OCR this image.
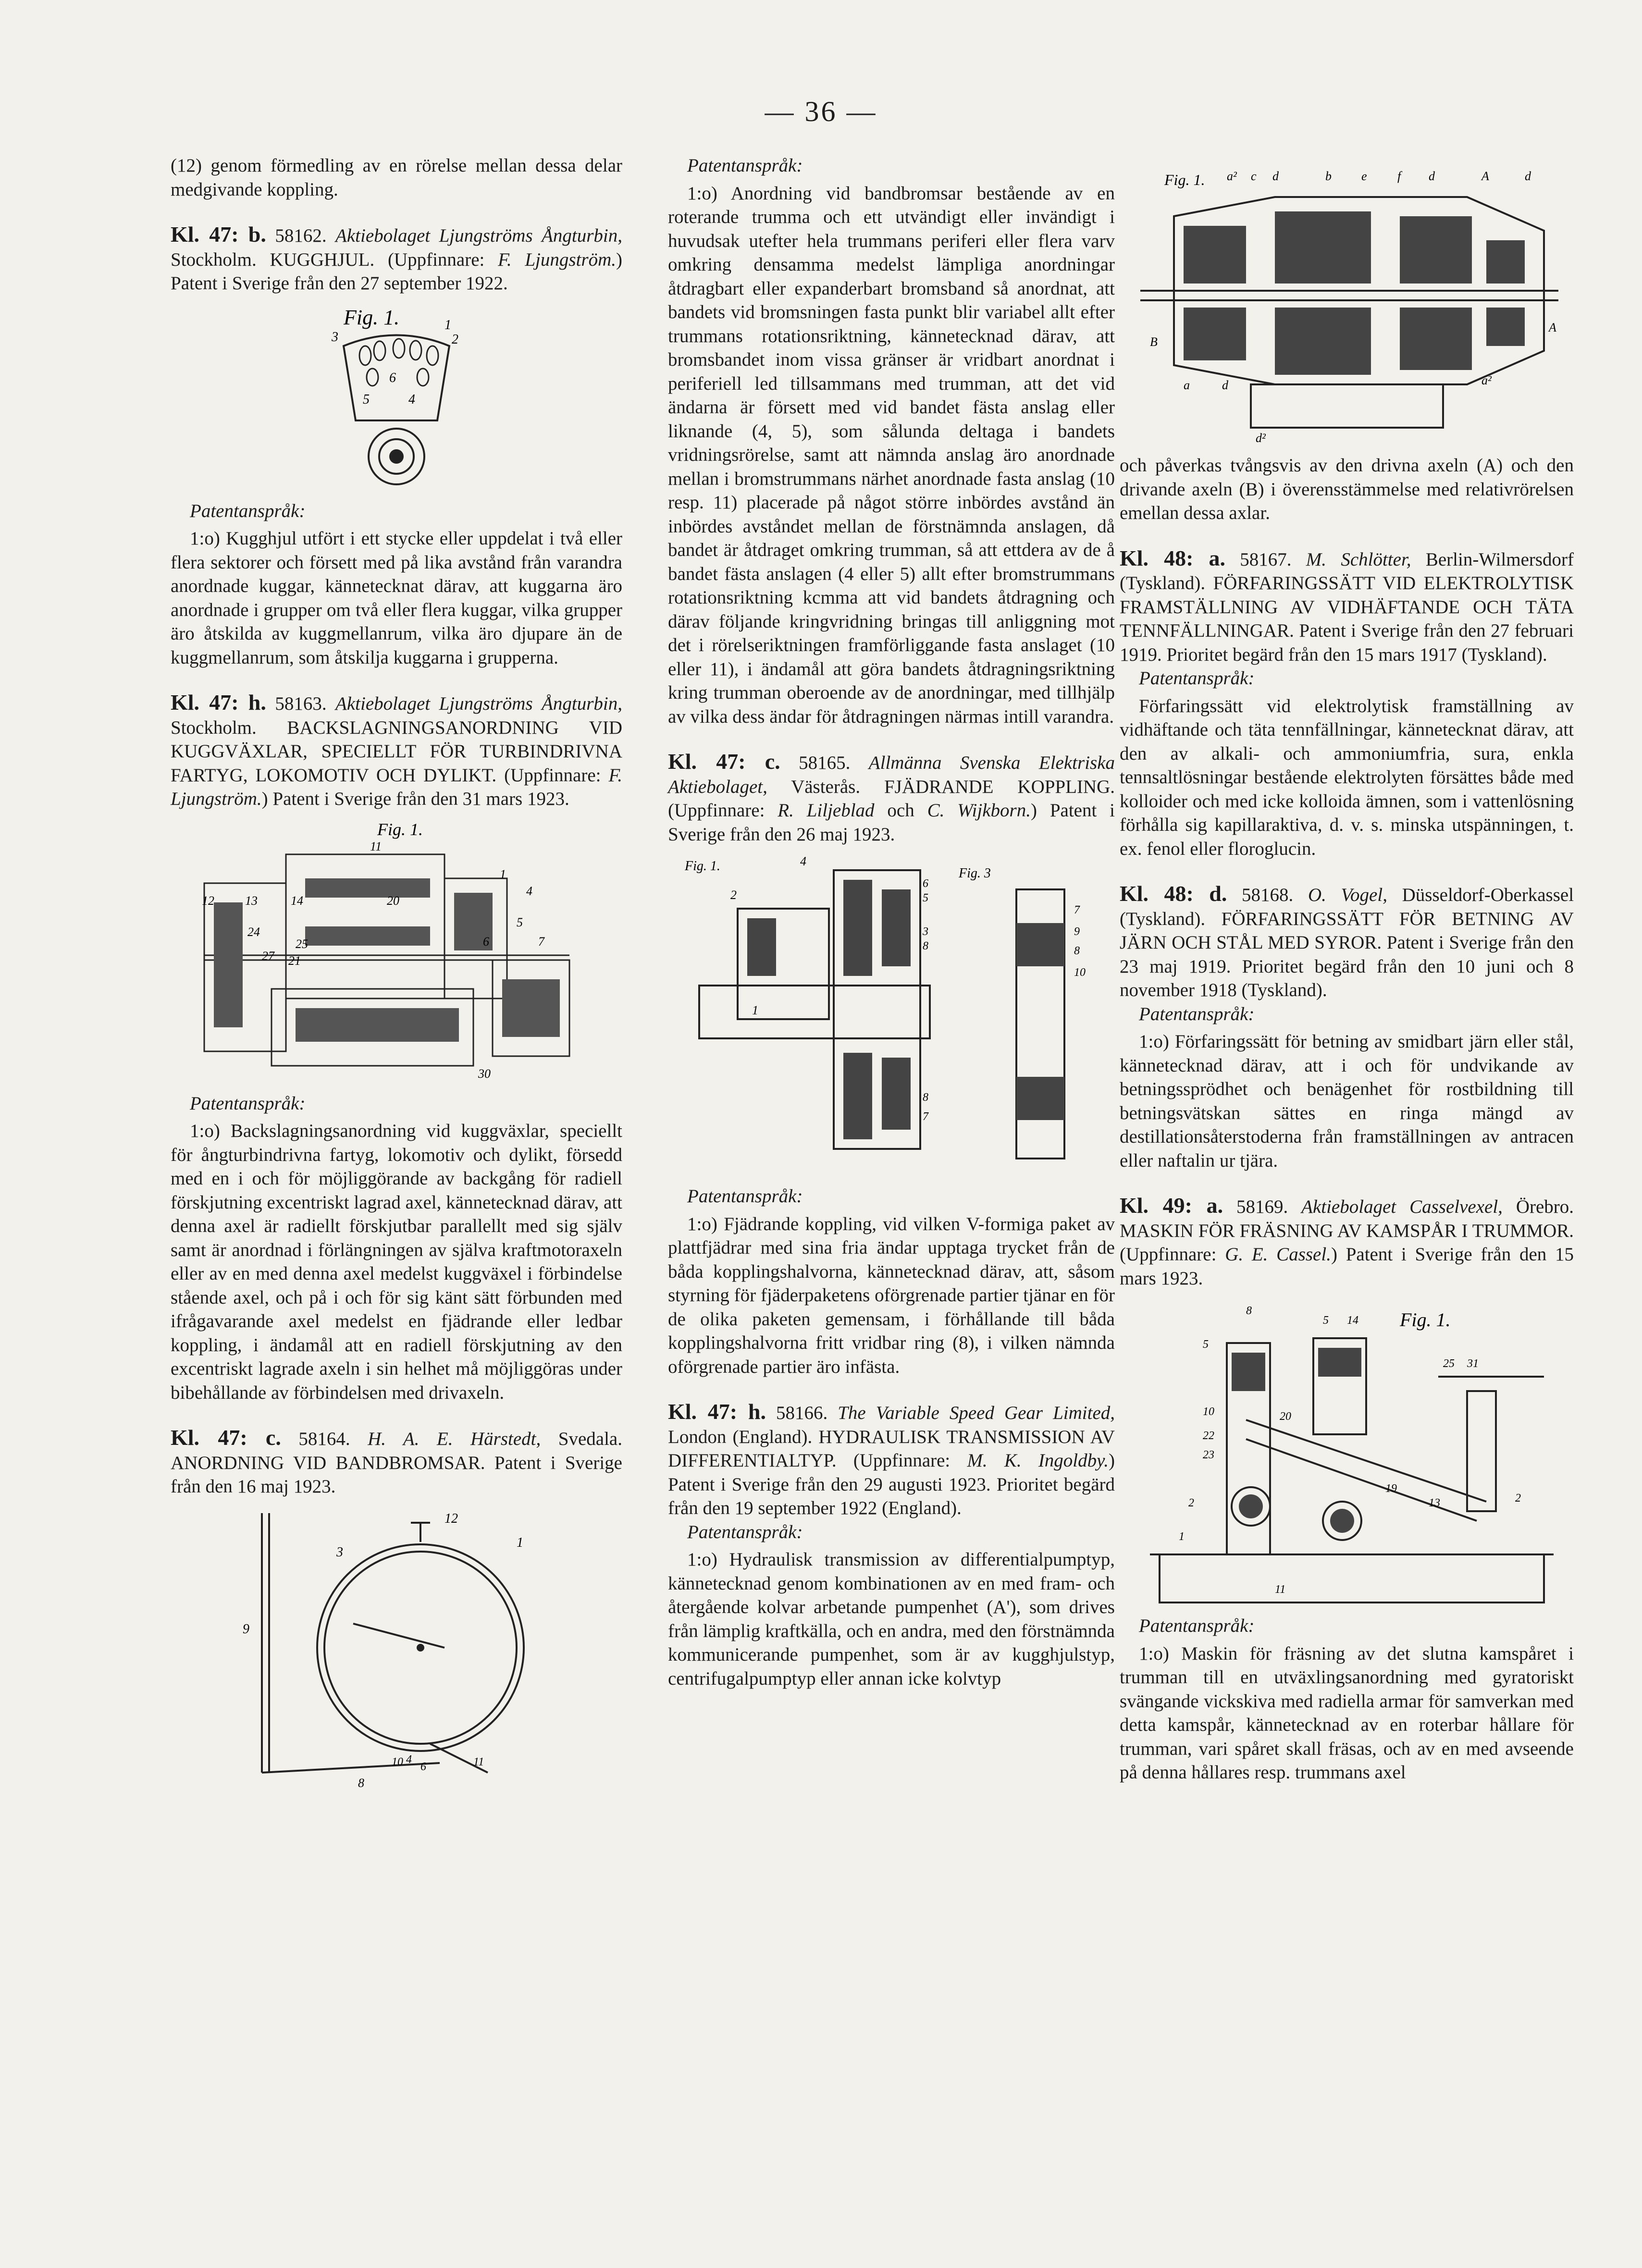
— 36 —

(12) genom förmedling av en rörelse mellan dessa delar medgivande koppling.

Kl. 47: b. 58162. Aktiebolaget Ljungströms Ångturbin, Stockholm. KUGGHJUL. (Uppfinnare: F. Ljungström.) Patent i Sverige från den 27 september 1922.

Fig. 1.	1
2
3
4
5
6

Patentanspråk:

1:o) Kugghjul utfört i ett stycke eller uppdelat i två eller flera sektorer och försett med på lika avstånd från varandra anordnade kuggar, kännetecknat därav, att kuggarna äro anordnade i grupper om två eller flera kuggar, vilka grupper äro åtskilda av kuggmellanrum, vilka äro djupare än de kuggmellanrum, som åtskilja kuggarna i grupperna.

Kl. 47: h. 58163. Aktiebolaget Ljungströms Ångturbin, Stockholm. BACKSLAGNINGSANORDNING VID KUGGVÄXLAR, SPECIELLT FÖR TURBINDRIVNA FARTYG, LOKOMOTIV OCH DYLIKT. (Uppfinnare: F. Ljungström.) Patent i Sverige från den 31 mars 1923.

Fig. 1.
11
12 13	14	20
1
4
5
6	7
24
25
27 21
30

Patentanspråk:

1:o) Backslagningsanordning vid kuggväxlar, speciellt för ångturbindrivna fartyg, lokomotiv och dylikt, försedd med en i och för möjliggörande av backgång för radiell förskjutning excentriskt lagrad axel, kännetecknad därav, att denna axel är radiellt förskjutbar parallellt med sig själv samt är anordnad i förlängningen av själva kraftmotoraxeln eller av en med denna axel medelst kuggväxel i förbindelse stående axel, och på i och för sig känt sätt förbunden med ifrågavarande axel medelst en fjädrande eller ledbar koppling, i ändamål att en radiell förskjutning av den excentriskt lagrade axeln i sin helhet må möjliggöras under bibehållande av förbindelsen med drivaxeln.

Kl. 47: c. 58164. H. A. E. Härstedt, Svedala. ANORDNING VID BANDBROMSAR. Patent i Sverige från den 16 maj 1923.

12
1
3
9
10 4
6	11
8

Patentanspråk:

1:o) Anordning vid bandbromsar bestående av en roterande trumma och ett utvändigt eller invändigt i huvudsak utefter hela trummans periferi eller flera varv omkring densamma medelst lämpliga anordningar åtdragbart eller expanderbart bromsband så anordnat, att bandets vid bromsningen fasta punkt blir variabel allt efter trummans rotationsriktning, kännetecknad därav, att bromsbandet inom vissa gränser är vridbart anordnat i periferiell led tillsammans med trumman, att det vid ändarna är försett med vid bandet fästa anslag eller liknande (4, 5), som sålunda deltaga i bandets vridningsrörelse, samt att nämnda anslag äro anordnade mellan i bromstrummans närhet anordnade fasta anslag (10 resp. 11) placerade på något större inbördes avstånd än inbördes avståndet mellan de förstnämnda anslagen, då bandet är åtdraget omkring trumman, så att ettdera av de å bandet fästa anslagen (4 eller 5) allt efter bromstrummans rotationsriktning kcmma att vid bandets åtdragning och därav följande kringvridning bringas till anliggning mot det i rörelseriktningen framförliggande fasta anslaget (10 eller 11), i ändamål att göra bandets åtdragningsriktning kring trumman oberoende av de anordningar, med tillhjälp av vilka dess ändar för åtdragningen närmas intill varandra.

Kl. 47: c. 58165. Allmänna Svenska Elektriska Aktiebolaget, Västerås. FJÄDRANDE KOPPLING. (Uppfinnare: R. Liljeblad och C. Wijkborn.) Patent i Sverige från den 26 maj 1923.

Fig. 1.	Fig. 3
4
2
6
5
3
8
1
8
7
7
9
8
10

Patentanspråk:

1:o) Fjädrande koppling, vid vilken V-formiga paket av plattfjädrar med sina fria ändar upptaga trycket från de båda kopplingshalvorna, kännetecknad därav, att, såsom styrning för fjäderpaketens oförgrenade partier tjänar en för de olika paketen gemensam, i förhållande till båda kopplingshalvorna fritt vridbar ring (8), i vilken nämnda oförgrenade partier äro infästa.

Kl. 47: h. 58166. The Variable Speed Gear Limited, London (England). HYDRAULISK TRANSMISSION AV DIFFERENTIALTYP. (Uppfinnare: M. K. Ingoldby.) Patent i Sverige från den 29 augusti 1923. Prioritet begärd från den 19 september 1922 (England).

Patentanspråk:

1:o) Hydraulisk transmission av differentialpumptyp, kännetecknad genom kombinationen av en med fram- och återgående kolvar arbetande pumpenhet (A'), som drives från lämplig kraftkälla, och en andra, med den förstnämnda kommunicerande pumpenhet, som är av kugghjulstyp, centrifugalpumptyp eller annan icke kolvtyp

Fig. 1. a² c d	b e f d	A	d
A
B
a	d	a²
d²

och påverkas tvångsvis av den drivna axeln (A) och den drivande axeln (B) i överensstämmelse med relativrörelsen emellan dessa axlar.

Kl. 48: a. 58167. M. Schlötter, Berlin-Wilmersdorf (Tyskland). FÖRFARINGSSÄTT VID ELEKTROLYTISK FRAMSTÄLLNING AV VIDHÄFTANDE OCH TÄTA TENNFÄLLNINGAR. Patent i Sverige från den 27 februari 1919. Prioritet begärd från den 15 mars 1917 (Tyskland).

Patentanspråk:

Förfaringssätt vid elektrolytisk framställning av vidhäftande och täta tennfällningar, kännetecknat därav, att den av alkali- och ammoniumfria, sura, enkla tennsaltlösningar bestående elektrolyten försättes både med kolloider och med icke kolloida ämnen, som i vattenlösning förhålla sig kapillaraktiva, d. v. s. minska utspänningen, t. ex. fenol eller floroglucin.

Kl. 48: d. 58168. O. Vogel, Düsseldorf-Oberkassel (Tyskland). FÖRFARINGSSÄTT FÖR BETNING AV JÄRN OCH STÅL MED SYROR. Patent i Sverige från den 23 maj 1919. Prioritet begärd från den 10 juni och 8 november 1918 (Tyskland).

Patentanspråk:

1:o) Förfaringssätt för betning av smidbart järn eller stål, kännetecknad därav, att i och för undvikande av betningssprödhet och benägenhet för rostbildning till betningsvätskan sättes en ringa mängd av destillationsåterstoderna från framställningen av antracen eller naftalin ur tjära.

Kl. 49: a. 58169. Aktiebolaget Casselvexel, Örebro. MASKIN FÖR FRÄSNING AV KAMSPÅR I TRUMMOR. (Uppfinnare: G. E. Cassel.) Patent i Sverige från den 15 mars 1923.

Fig. 1.
8
5 14
5
10
22
23
20
25 31
19
13	2
2
11
1

Patentanspråk:

1:o) Maskin för fräsning av det slutna kamspåret i trumman till en utväxlingsanordning med gyratoriskt svängande vickskiva med radiella armar för samverkan med detta kamspår, kännetecknad av en roterbar hållare för trumman, vari spåret skall fräsas, och av en med avseende på denna hållares resp. trummans axel
